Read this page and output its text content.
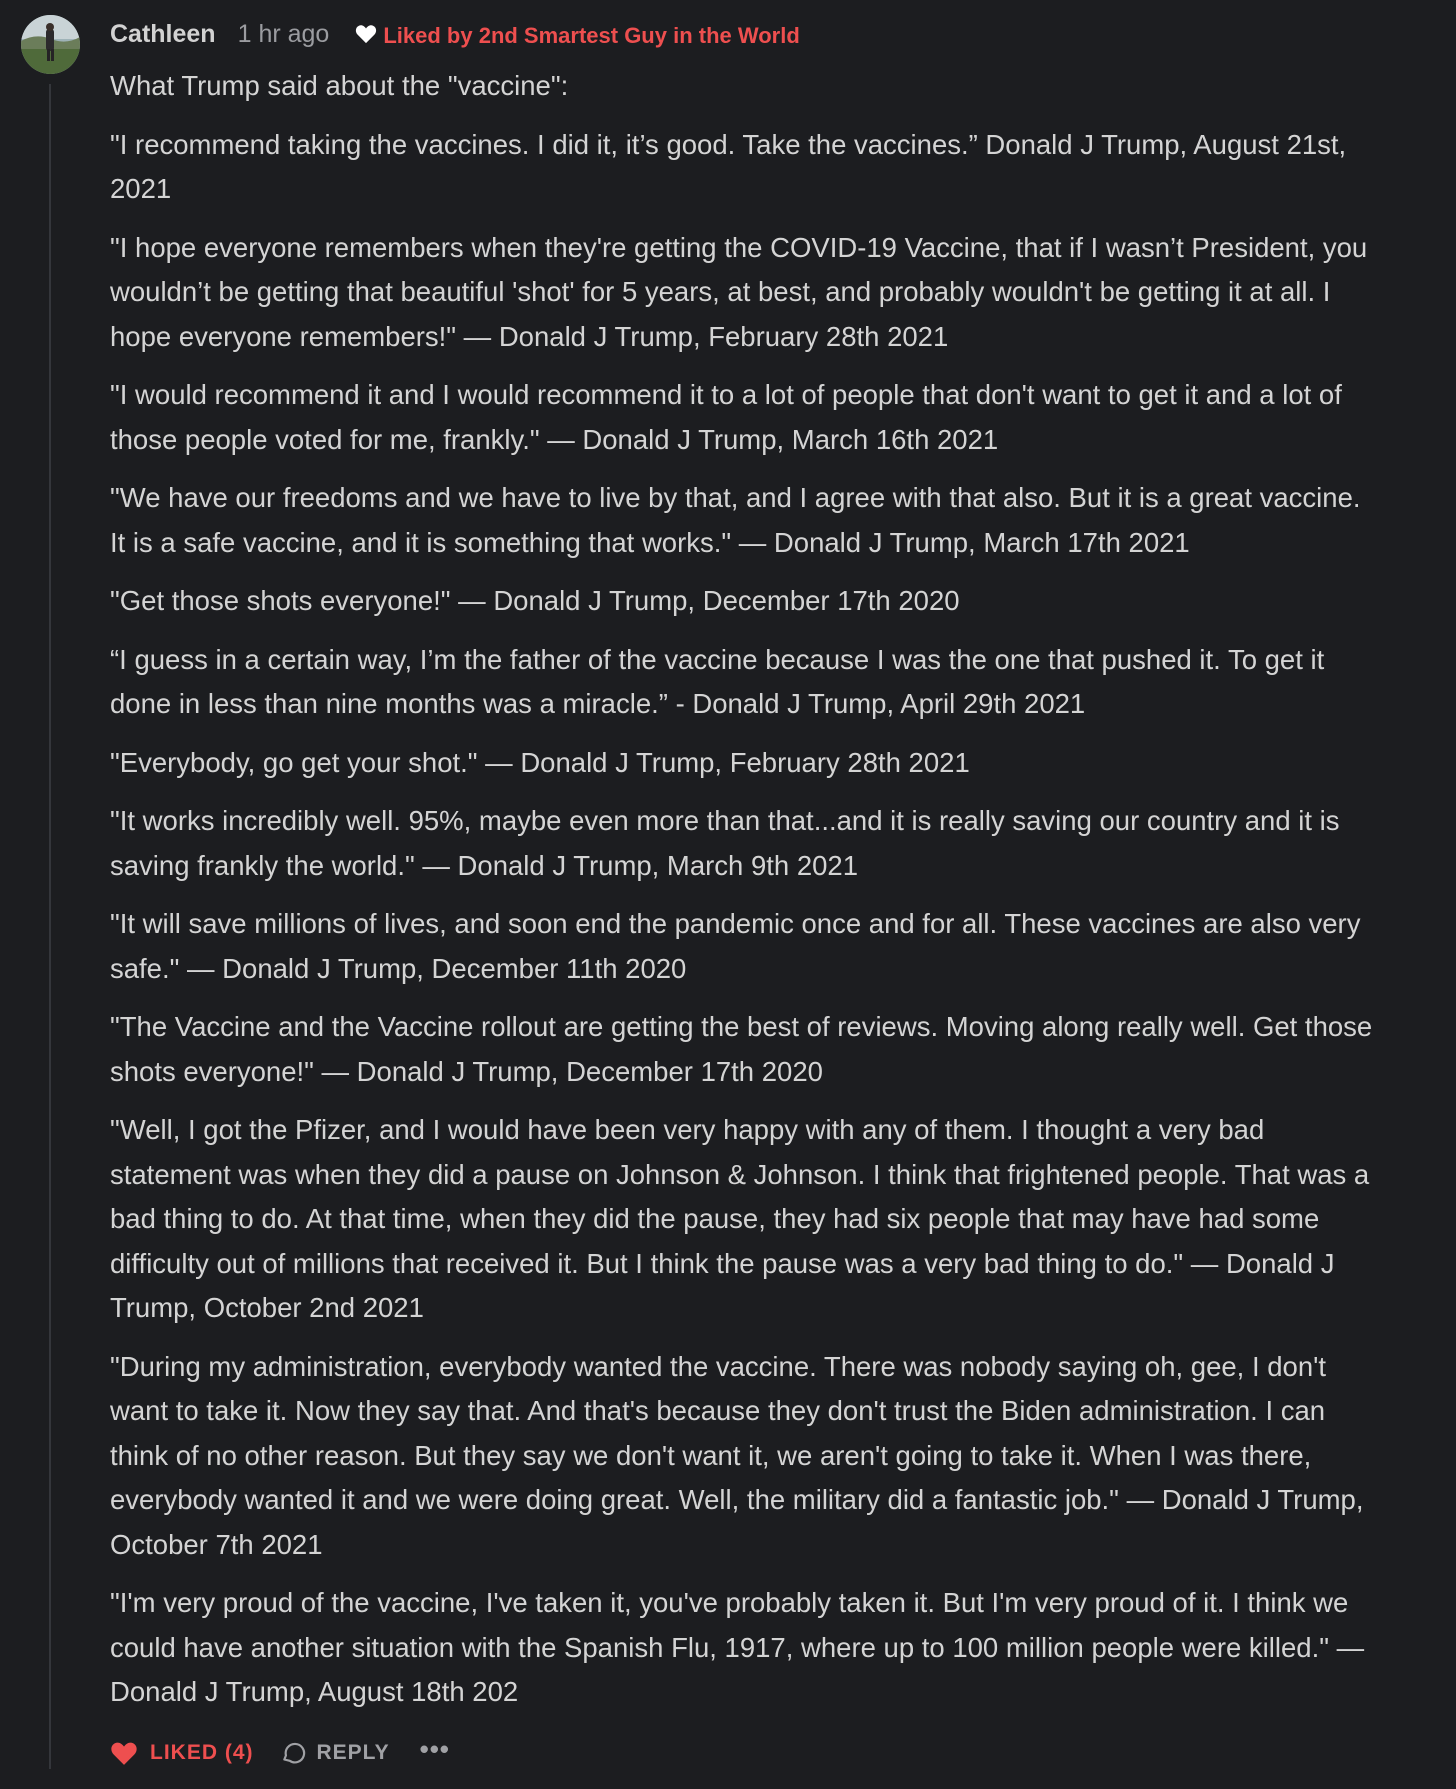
Cathleen 1 hr ago Liked by 2nd Smartest Guy in the World

What Trump said about the "vaccine":

"I recommend taking the vaccines. I did it, it’s good. Take the vaccines.” Donald J Trump, August 21st, 2021

"I hope everyone remembers when they're getting the COVID-19 Vaccine, that if I wasn’t President, you wouldn’t be getting that beautiful 'shot' for 5 years, at best, and probably wouldn't be getting it at all. I hope everyone remembers!" — Donald J Trump, February 28th 2021

"I would recommend it and I would recommend it to a lot of people that don't want to get it and a lot of those people voted for me, frankly." — Donald J Trump, March 16th 2021

"We have our freedoms and we have to live by that, and I agree with that also. But it is a great vaccine. It is a safe vaccine, and it is something that works." — Donald J Trump, March 17th 2021

"Get those shots everyone!" — Donald J Trump, December 17th 2020

“I guess in a certain way, I’m the father of the vaccine because I was the one that pushed it. To get it done in less than nine months was a miracle.” - Donald J Trump, April 29th 2021

"Everybody, go get your shot." — Donald J Trump, February 28th 2021

"It works incredibly well. 95%, maybe even more than that...and it is really saving our country and it is saving frankly the world." — Donald J Trump, March 9th 2021

"It will save millions of lives, and soon end the pandemic once and for all. These vaccines are also very safe." — Donald J Trump, December 11th 2020

"The Vaccine and the Vaccine rollout are getting the best of reviews. Moving along really well. Get those shots everyone!" — Donald J Trump, December 17th 2020

"Well, I got the Pfizer, and I would have been very happy with any of them. I thought a very bad statement was when they did a pause on Johnson & Johnson. I think that frightened people. That was a bad thing to do. At that time, when they did the pause, they had six people that may have had some difficulty out of millions that received it. But I think the pause was a very bad thing to do." — Donald J Trump, October 2nd 2021

"During my administration, everybody wanted the vaccine. There was nobody saying oh, gee, I don't want to take it. Now they say that. And that's because they don't trust the Biden administration. I can think of no other reason. But they say we don't want it, we aren't going to take it. When I was there, everybody wanted it and we were doing great. Well, the military did a fantastic job." — Donald J Trump, October 7th 2021

"I'm very proud of the vaccine, I've taken it, you've probably taken it. But I'm very proud of it. I think we could have another situation with the Spanish Flu, 1917, where up to 100 million people were killed." — Donald J Trump, August 18th 202

LIKED (4)	REPLY •••
